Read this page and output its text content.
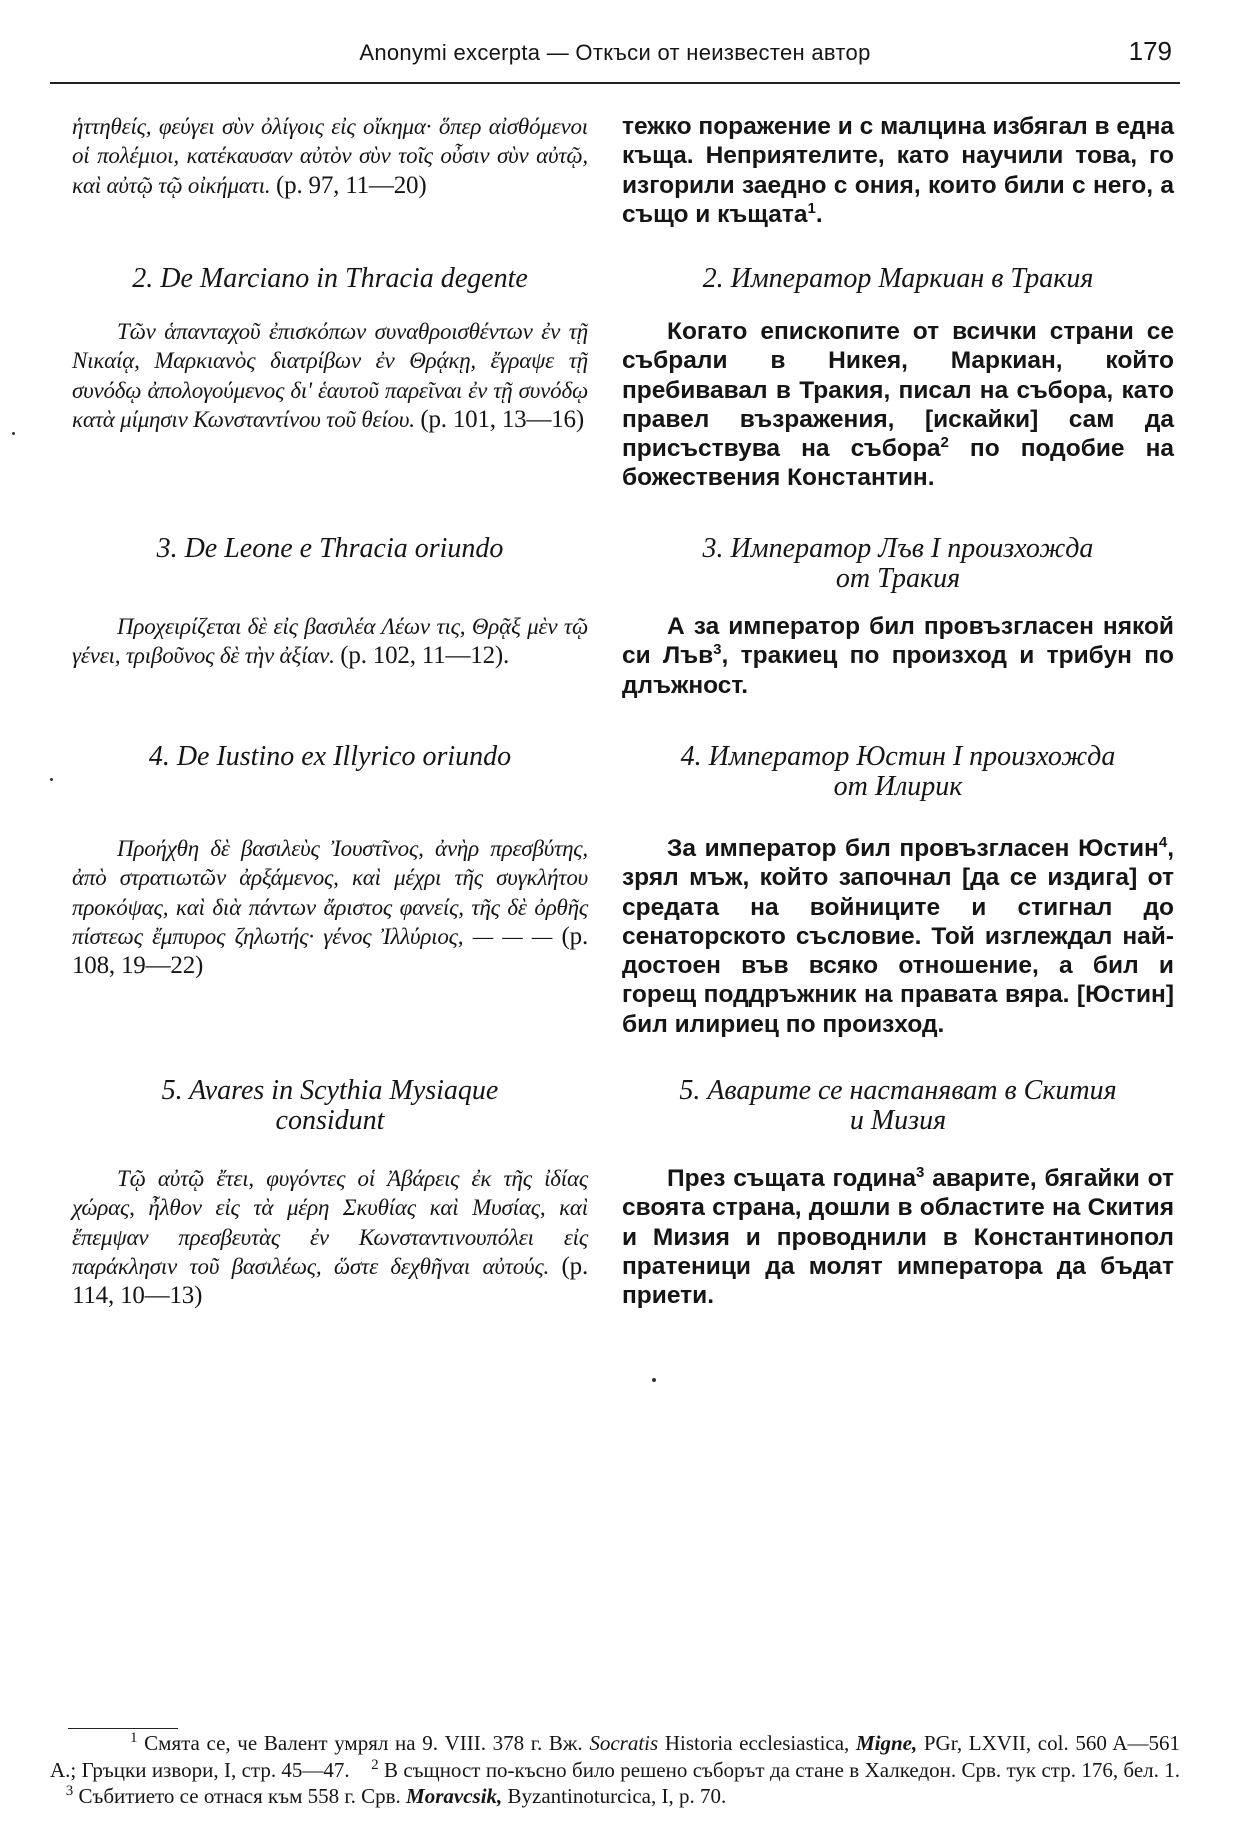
Anonymi excerpta — Откъси от неизвестен автор	179
ἡττηθείς, φεύγει σὺν ὀλίγοις εἰς οἴκημα· ὅπερ αἰσθόμενοι οἱ πολέμιοι, κατέκαυσαν αὐτὸν σὺν τοῖς οὖσιν σὺν αὐτῷ, καὶ αὐτῷ τῷ οἰκήματι. (p. 97, 11—20)
2. De Marciano in Thracia degente
Τῶν ἁπανταχοῦ ἐπισκόπων συναθροισθέντων ἐν τῇ Νικαίᾳ, Μαρκιανὸς διατρίβων ἐν Θρᾴκῃ, ἔγραψε τῇ συνόδῳ ἀπολογούμενος δι' ἑαυτοῦ παρεῖναι ἐν τῇ συνόδῳ κατὰ μίμησιν Κωνσταντίνου τοῦ θείου. (p. 101, 13—16)
3. De Leone e Thracia oriundo
Προχειρίζεται δὲ εἰς βασιλέα Λέων τις, Θρᾷξ μὲν τῷ γένει, τριβοῦνος δὲ τὴν ἀξίαν. (p. 102, 11—12).
4. De Iustino ex Illyrico oriundo
Προήχθη δὲ βασιλεὺς Ἰουστῖνος, ἀνὴρ πρεσβύτης, ἀπὸ στρατιωτῶν ἀρξάμενος, καὶ μέχρι τῆς συγκλήτου προκόψας, καὶ διὰ πάντων ἄριστος φανείς, τῆς δὲ ὀρθῆς πίστεως ἔμπυρος ζηλωτής· γένος Ἰλλύριος, — — — (p. 108, 19—22)
5. Avares in Scythia Mysiaque
considunt
Τῷ αὐτῷ ἔτει, φυγόντες οἱ Ἀβάρεις ἐκ τῆς ἰδίας χώρας, ἦλθον εἰς τὰ μέρη Σκυθίας καὶ Μυσίας, καὶ ἔπεμψαν πρεσβευτὰς ἐν Κωνσταντινουπόλει εἰς παράκλησιν τοῦ βασιλέως, ὥστε δεχθῆναι αὐτούς. (p. 114, 10—13)
тежко поражение и с малцина избягал в една къща. Неприятелите, като научили това, го изгорили заедно с ония, които били с него, а също и къщата$^1$.
2. Император Маркиан в Тракия
Когато епископите от всички страни се събрали в Никея, Маркиан, който пребивавал в Тракия, писал на събора, като правел възражения, [искайки] сам да присъствува на събора$^2$ по подобие на божествения Константин.
3. Император Лъв I произхожда
от Тракия
А за император бил провъзгласен някой си Лъв$^3$, тракиец по произход и трибун по длъжност.
4. Император Юстин I произхожда
от Илирик
За император бил провъзгласен Юстин$^4$, зрял мъж, който започнал [да се издига] от средата на войниците и стигнал до сенаторското съсловие. Той изглеждал най-достоен във всяко отношение, а бил и горещ поддръжник на правата вяра. [Юстин] бил илириец по произход.
5. Аварите се настаняват в Скития
и Мизия
През същата година$^3$ аварите, бягайки от своята страна, дошли в областите на Скития и Мизия и проводнили в Константинопол пратеници да молят императора да бъдат приети.
$^1$ Смята се, че Валент умрял на 9. VIII. 378 г. Вж. Socratis Historia ecclesiastica, Migne, PGr, LXVII, col. 560 A—561 A.; Гръцки извори, I, стр. 45—47. $^2$ В същност по-късно било решено съборът да стане в Халкедон. Срв. тук стр. 176, бел. 1.    $^3$ Събитието се отнася към 558 г. Срв. Moravcsik, Byzantinoturcica, I, p. 70.
